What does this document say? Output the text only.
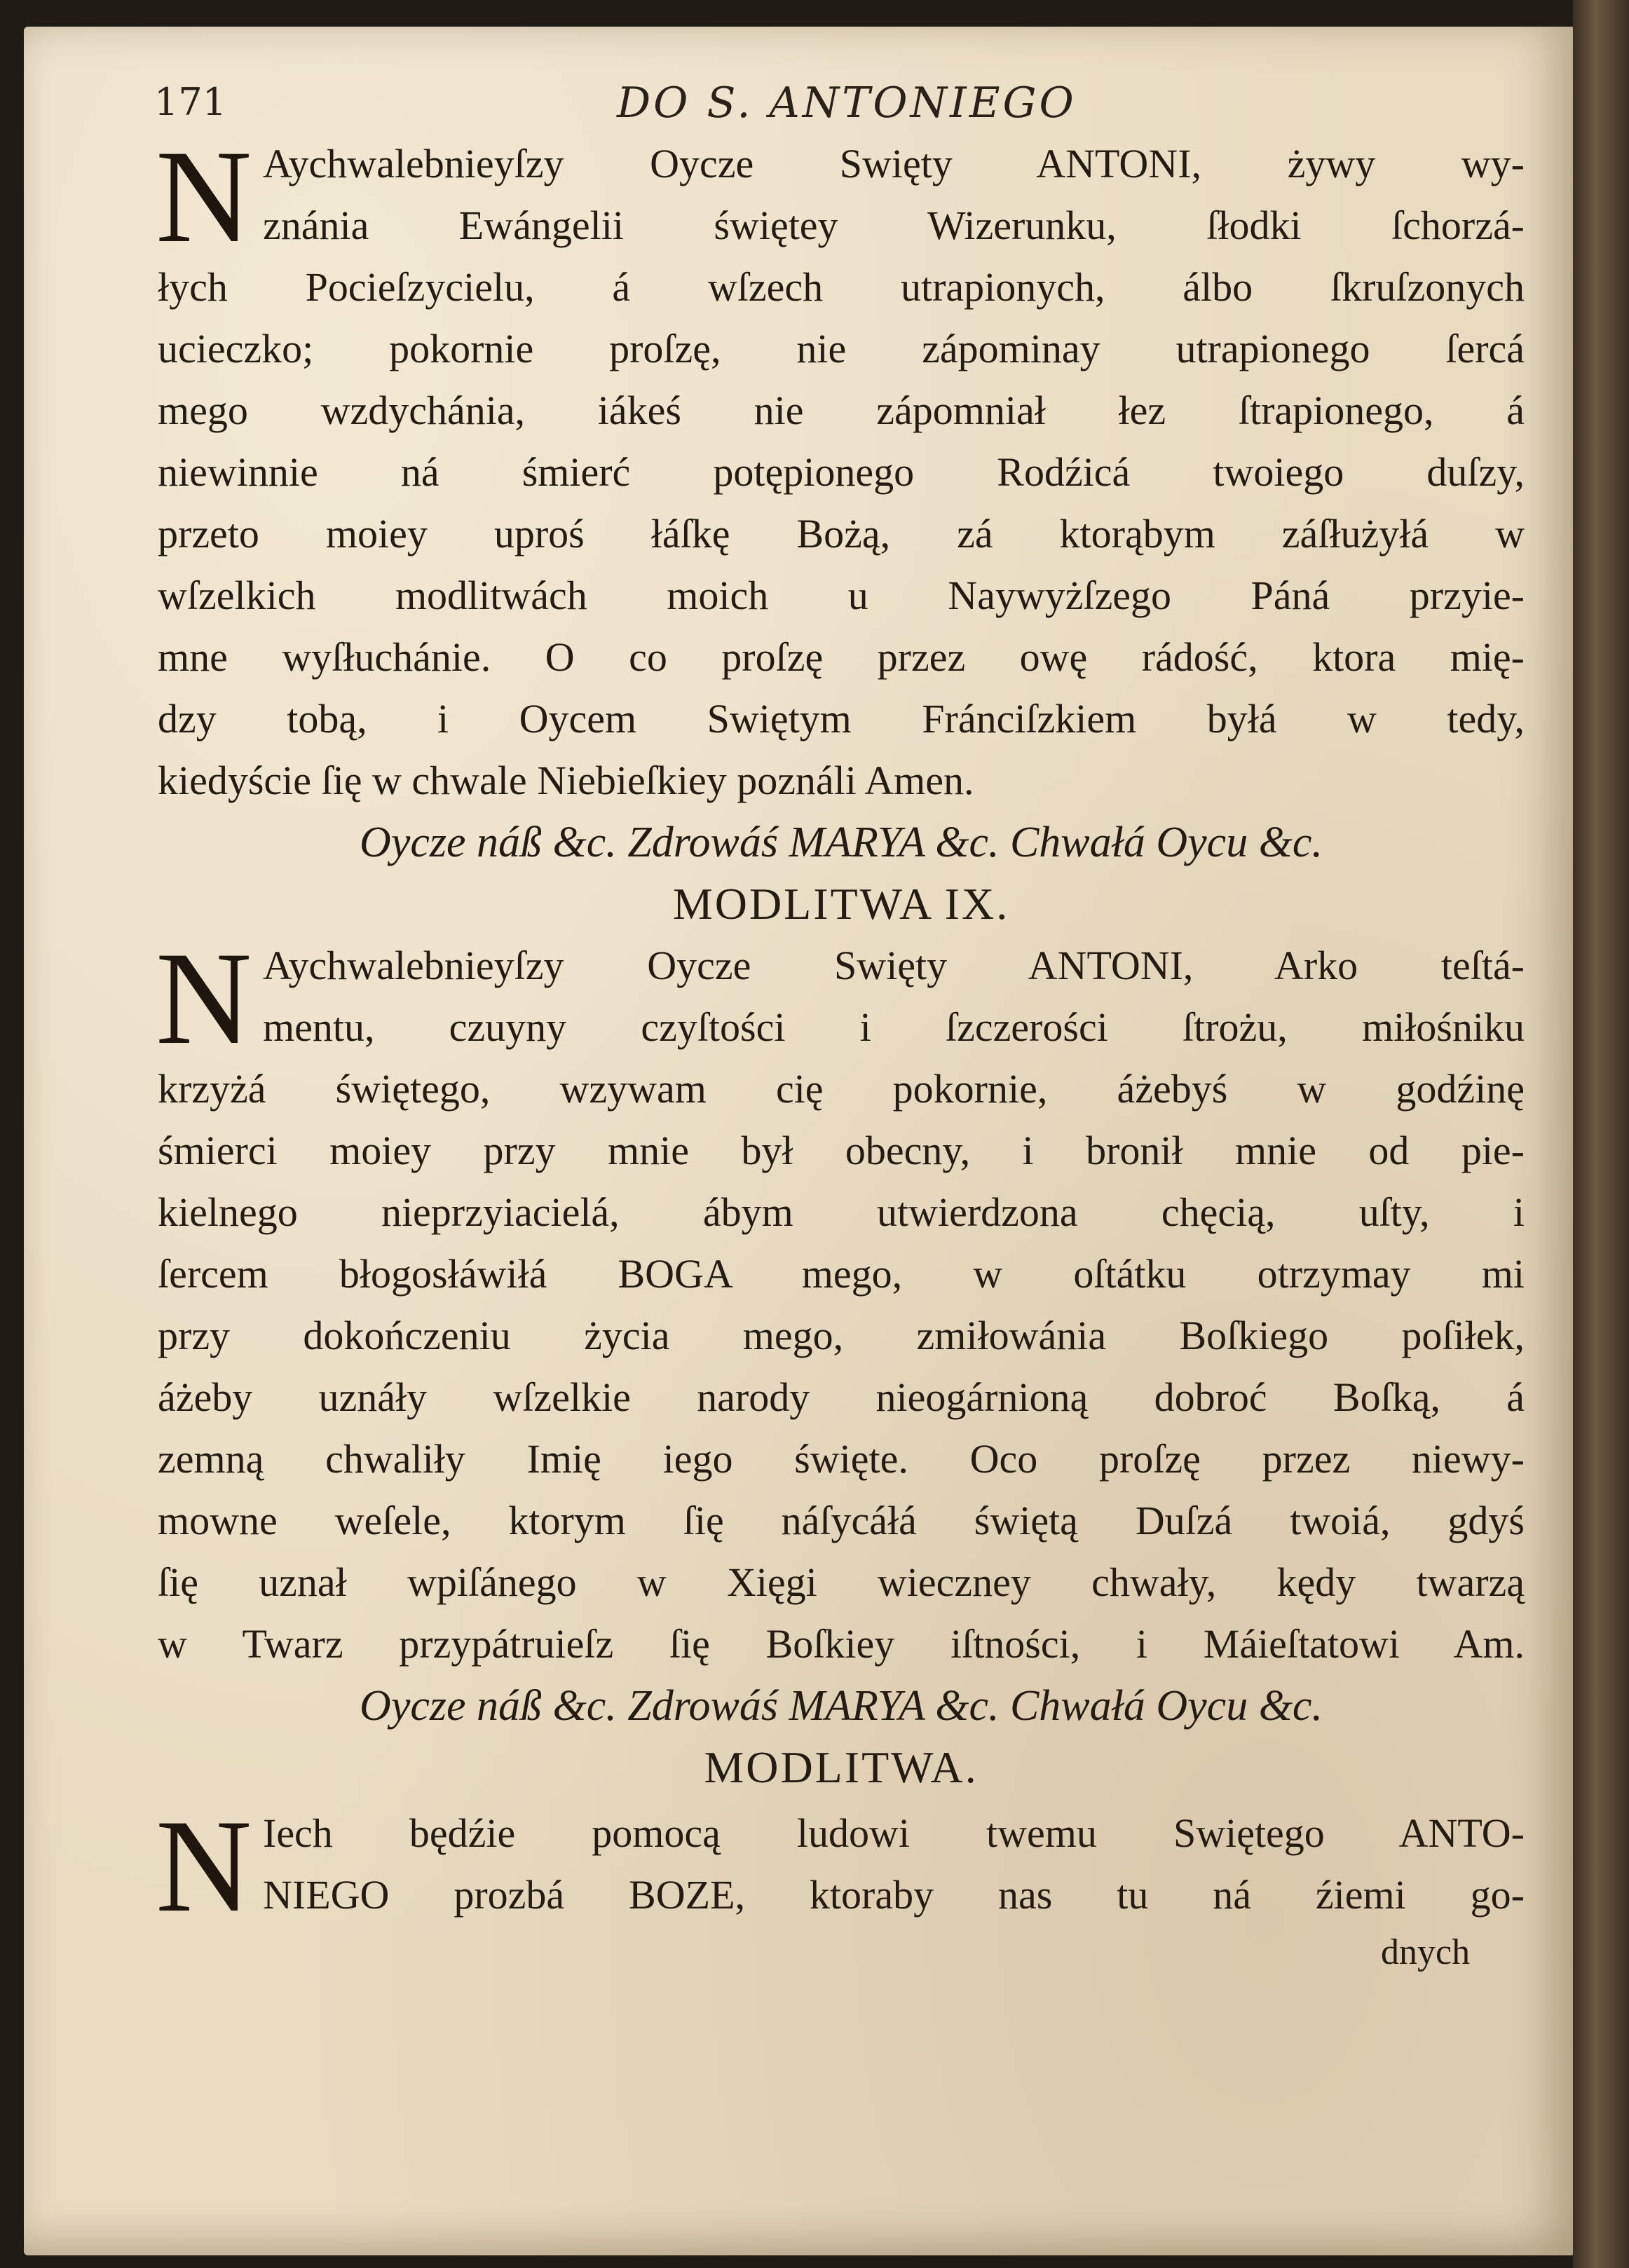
171	DO S. ANTONIEGO
N Aychwalebnieyſzy Oycze Swięty ANTONI, żywy wy-
znánia Ewángelii świętey Wizerunku, ſłodki ſchorzá-
łych Pocieſzycielu, á wſzech utrapionych, álbo ſkruſzonych
ucieczko; pokornie proſzę, nie zápominay utrapionego ſercá
mego wzdychánia, iákeś nie zápomniał łez ſtrapionego, á
niewinnie ná śmierć potępionego Rodźicá twoiego duſzy,
przeto moiey uproś łáſkę Bożą, zá ktorąbym záſłużyłá w
wſzelkich modlitwách moich u Naywyżſzego Páná przyie-
mne wyſłuchánie. O co proſzę przez owę rádość, ktora mię-
dzy tobą, i Oycem Swiętym Fránciſzkiem byłá w tedy,
kiedyście ſię w chwale Niebieſkiey poználi Amen.
Oycze náß &c. Zdrowáś MARYA &c. Chwałá Oycu &c.
MODLITWA IX.
N Aychwalebnieyſzy Oycze Swięty ANTONI, Arko teſtá-
mentu, czuyny czyſtości i ſzczerości ſtrożu, miłośniku
krzyżá świętego, wzywam cię pokornie, áżebyś w godźinę
śmierci moiey przy mnie był obecny, i bronił mnie od pie-
kielnego nieprzyiacielá, ábym utwierdzona chęcią, uſty, i
ſercem błogosłáwiłá BOGA mego, w oſtátku otrzymay mi
przy dokończeniu życia mego, zmiłowánia Boſkiego poſiłek,
áżeby uznáły wſzelkie narody nieogárnioną dobroć Boſką, á
zemną chwaliły Imię iego święte. Oco proſzę przez niewy-
mowne weſele, ktorym ſię náſycáłá świętą Duſzá twoiá, gdyś
ſię uznał wpiſánego w Xięgi wieczney chwały, kędy twarzą
w Twarz przypátruieſz ſię Boſkiey iſtności, i Máieſtatowi Am.
Oycze náß &c. Zdrowáś MARYA &c. Chwałá Oycu &c.
MODLITWA.
N Iech będźie pomocą ludowi twemu Swiętego ANTO-
NIEGO prozbá BOZE, ktoraby nas tu ná źiemi go-
dnych
